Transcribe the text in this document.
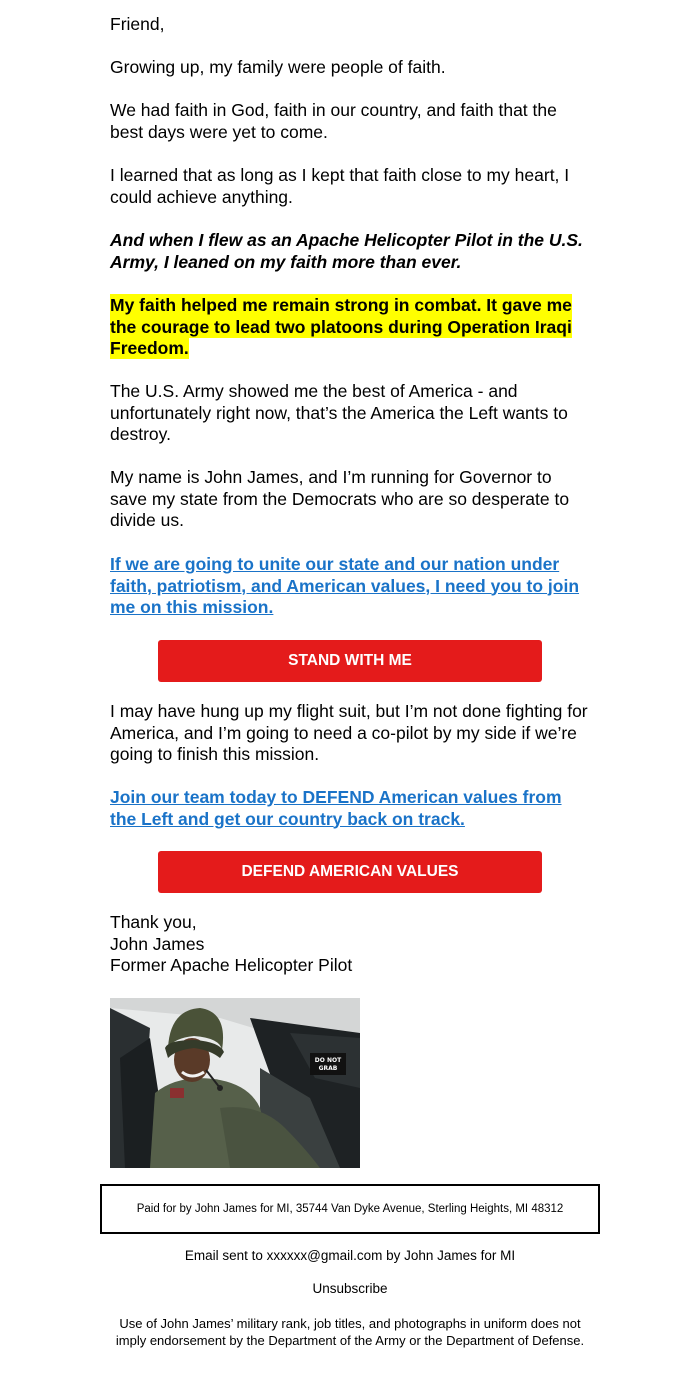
Friend,

Growing up, my family were people of faith.

We had faith in God, faith in our country, and faith that the best days were yet to come.

I learned that as long as I kept that faith close to my heart, I could achieve anything.

And when I flew as an Apache Helicopter Pilot in the U.S. Army, I leaned on my faith more than ever.

My faith helped me remain strong in combat. It gave me the courage to lead two platoons during Operation Iraqi Freedom.

The U.S. Army showed me the best of America - and unfortunately right now, that’s the America the Left wants to destroy.

My name is John James, and I’m running for Governor to save my state from the Democrats who are so desperate to divide us.

If we are going to unite our state and our nation under faith, patriotism, and American values, I need you to join me on this mission.

STAND WITH ME

I may have hung up my flight suit, but I’m not done fighting for America, and I’m going to need a co-pilot by my side if we’re going to finish this mission.

Join our team today to DEFEND American values from the Left and get our country back on track.

DEFEND AMERICAN VALUES

Thank you,

John James

Former Apache Helicopter Pilot

DO NOT
GRAB
Paid for by John James for MI, 35744 Van Dyke Avenue, Sterling Heights, MI 48312
Email sent to xxxxxx@gmail.com by John James for MI
Unsubscribe
Use of John James’ military rank, job titles, and photographs in uniform does not imply endorsement by the Department of the Army or the Department of Defense.
